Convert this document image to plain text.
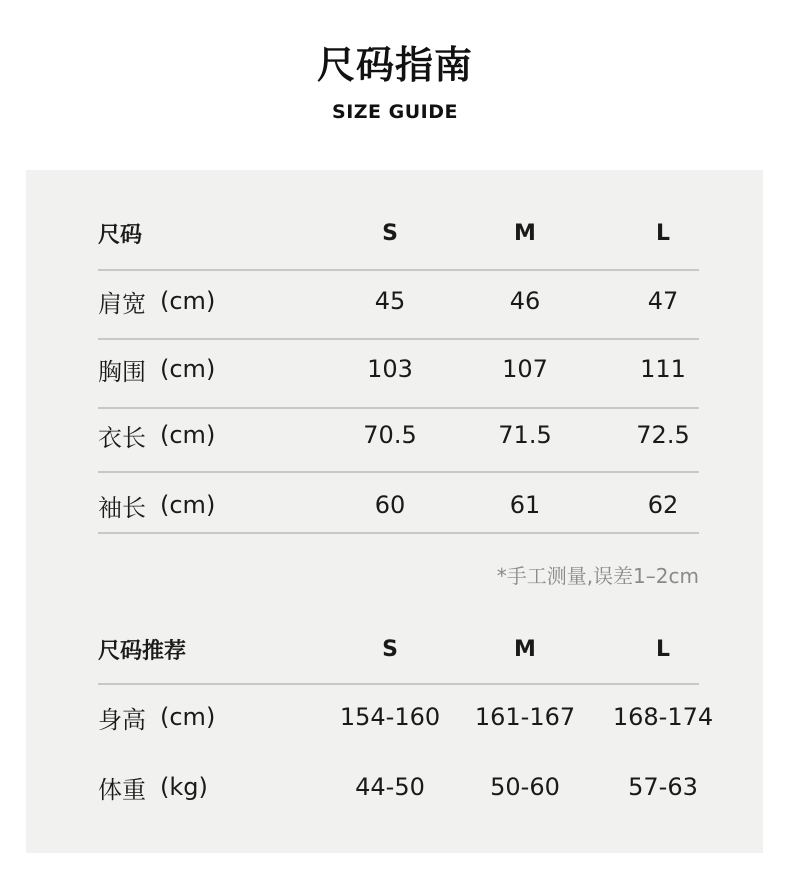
尺码指南
SIZE GUIDE
尺码	S	M	L
肩宽 (cm)	45	46	47
胸围 (cm)	103	107	111
衣长 (cm)	70.5	71.5	72.5
袖长 (cm)	60	61	62
*手工测量,误差1–2cm
尺码推荐	S	M	L
身高 (cm)	154-160	161-167	168-174
体重 (kg)	44-50	50-60	57-63
